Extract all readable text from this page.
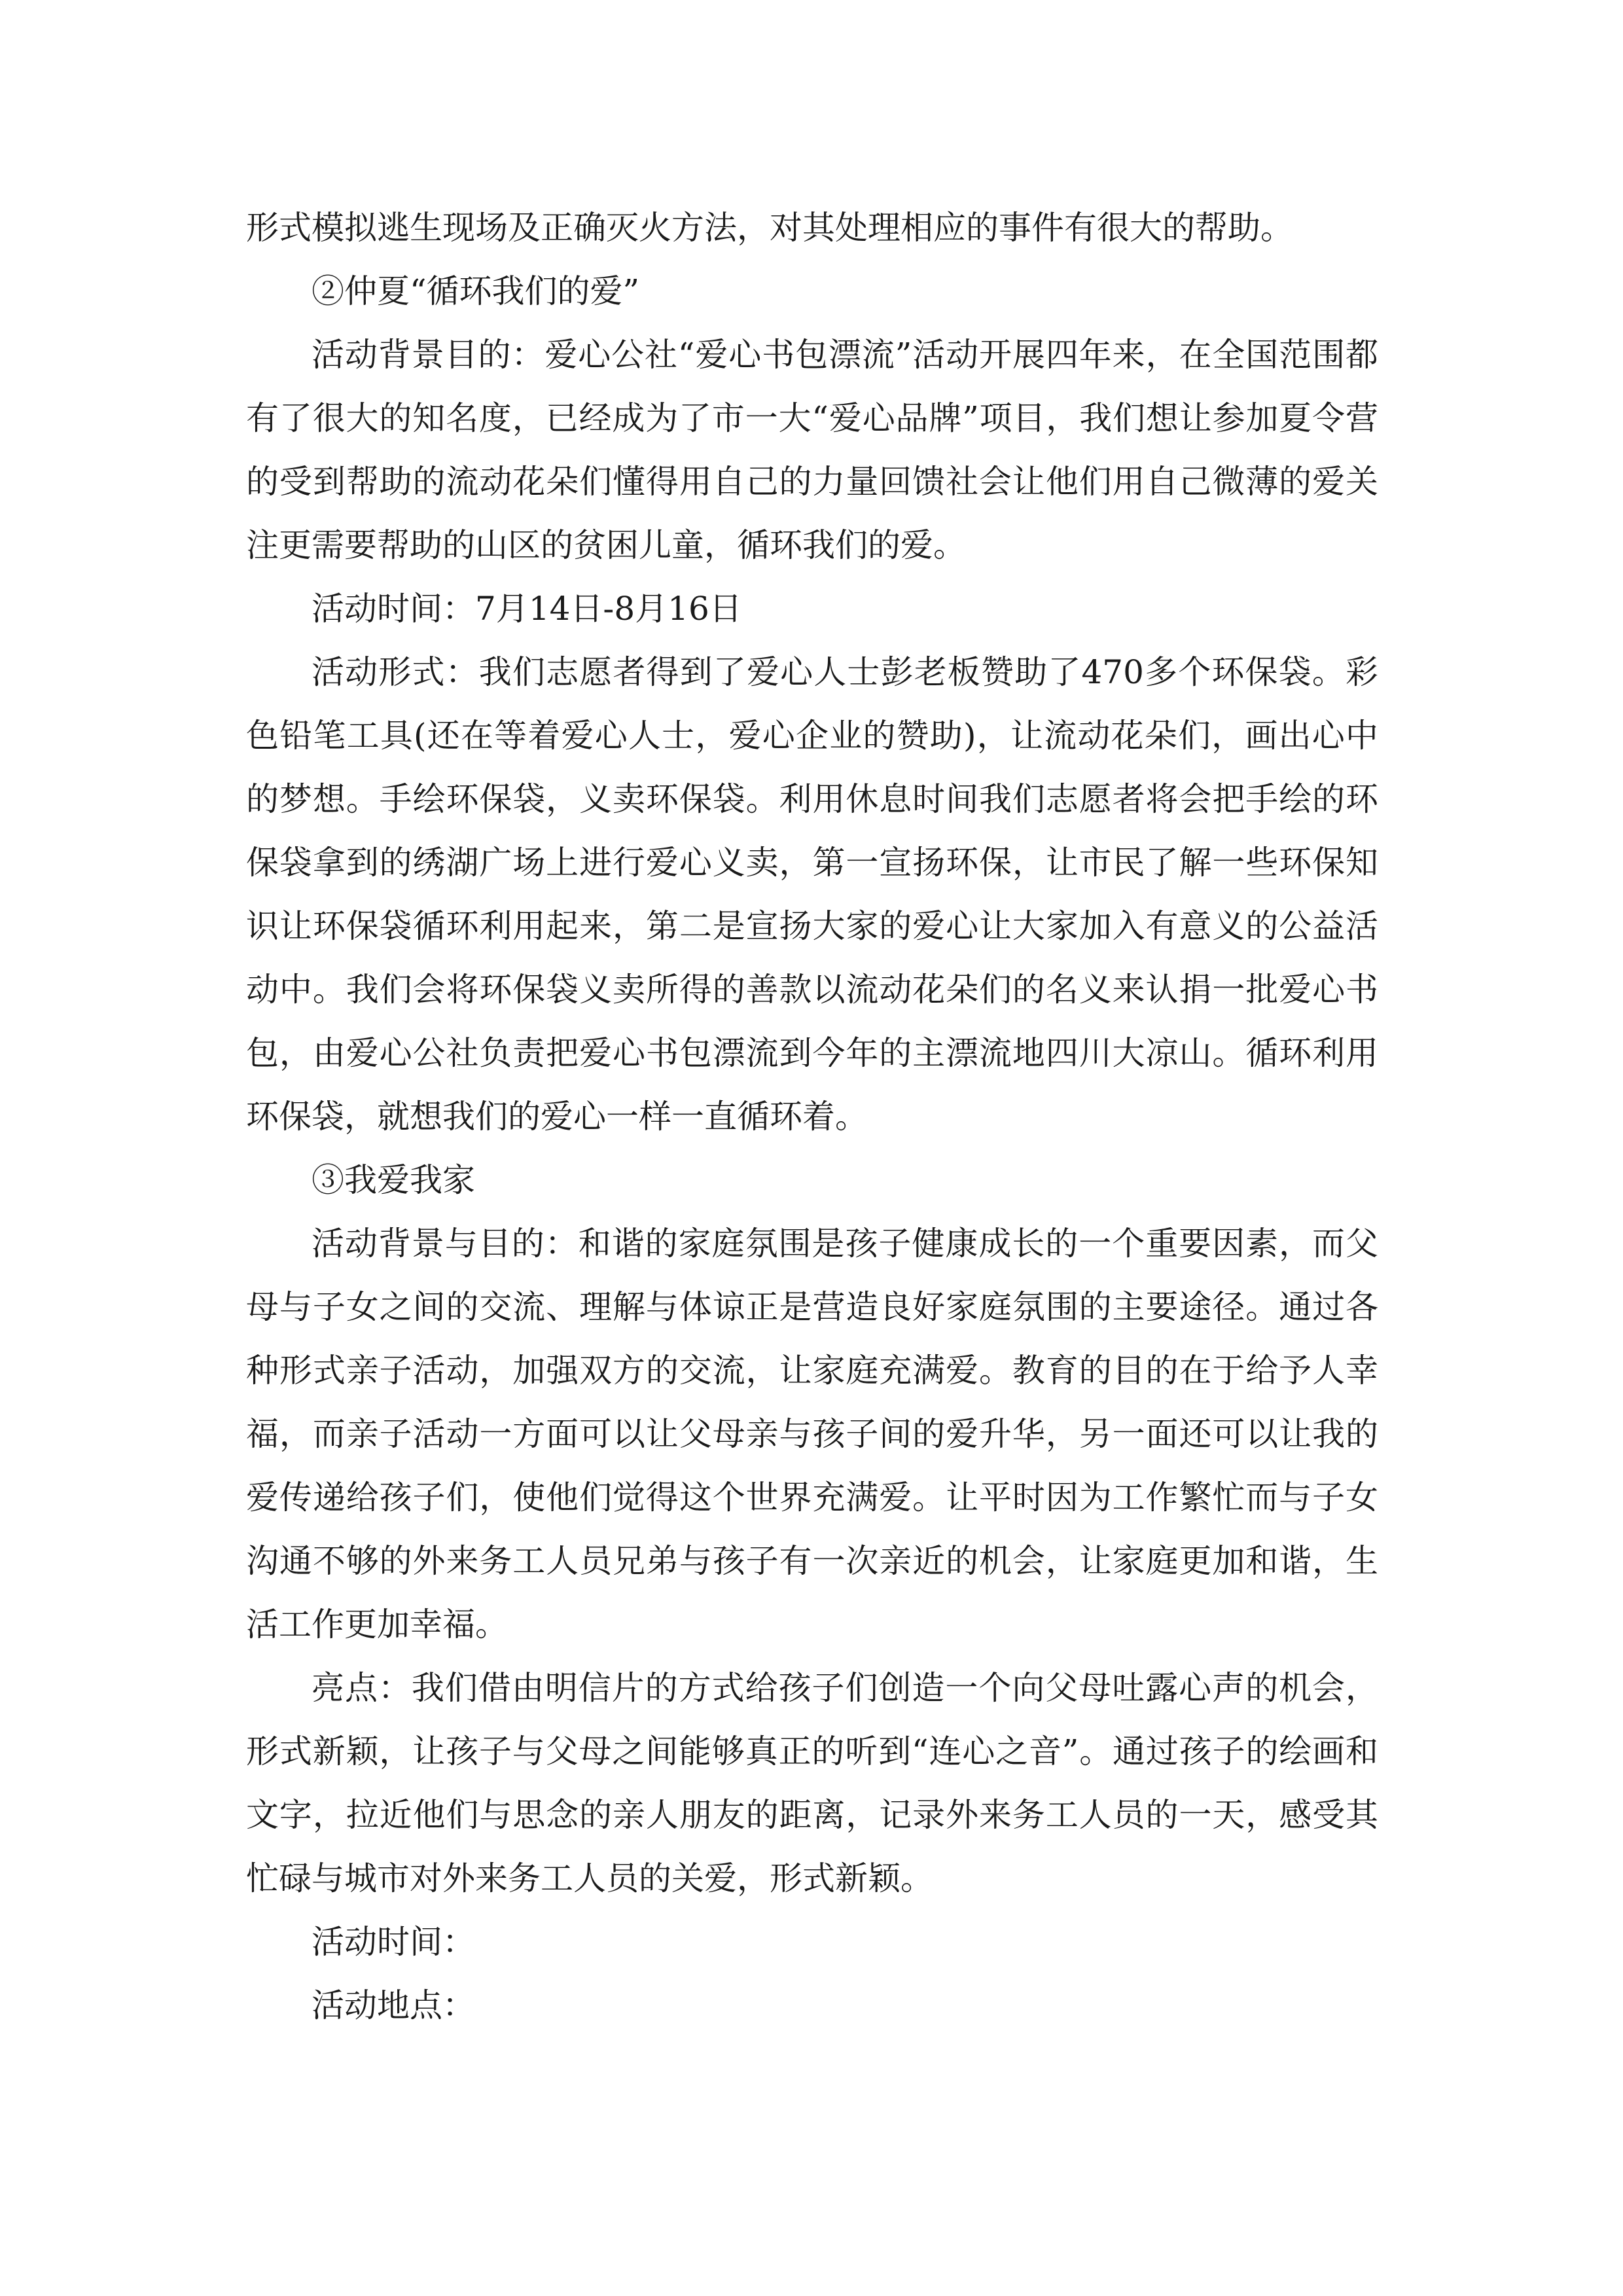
形式模拟逃生现场及正确灭火方法，对其处理相应的事件有很大的帮助。

②仲夏“循环我们的爱”

活动背景目的：爱心公社“爱心书包漂流”活动开展四年来，在全国范围都有了很大的知名度，已经成为了市一大“爱心品牌”项目，我们想让参加夏令营的受到帮助的流动花朵们懂得用自己的力量回馈社会让他们用自己微薄的爱关注更需要帮助的山区的贫困儿童，循环我们的爱。

活动时间：7月14日-8月16日

活动形式：我们志愿者得到了爱心人士彭老板赞助了470多个环保袋。彩色铅笔工具(还在等着爱心人士，爱心企业的赞助)，让流动花朵们，画出心中的梦想。手绘环保袋，义卖环保袋。利用休息时间我们志愿者将会把手绘的环保袋拿到的绣湖广场上进行爱心义卖，第一宣扬环保，让市民了解一些环保知识让环保袋循环利用起来，第二是宣扬大家的爱心让大家加入有意义的公益活动中。我们会将环保袋义卖所得的善款以流动花朵们的名义来认捐一批爱心书包，由爱心公社负责把爱心书包漂流到今年的主漂流地四川大凉山。循环利用环保袋，就想我们的爱心一样一直循环着。

③我爱我家

活动背景与目的：和谐的家庭氛围是孩子健康成长的一个重要因素，而父母与子女之间的交流、理解与体谅正是营造良好家庭氛围的主要途径。通过各种形式亲子活动，加强双方的交流，让家庭充满爱。教育的目的在于给予人幸福，而亲子活动一方面可以让父母亲与孩子间的爱升华，另一面还可以让我的爱传递给孩子们，使他们觉得这个世界充满爱。让平时因为工作繁忙而与子女沟通不够的外来务工人员兄弟与孩子有一次亲近的机会，让家庭更加和谐，生活工作更加幸福。

亮点：我们借由明信片的方式给孩子们创造一个向父母吐露心声的机会，形式新颖，让孩子与父母之间能够真正的听到“连心之音”。通过孩子的绘画和文字，拉近他们与思念的亲人朋友的距离，记录外来务工人员的一天，感受其忙碌与城市对外来务工人员的关爱，形式新颖。

活动时间：

活动地点：
